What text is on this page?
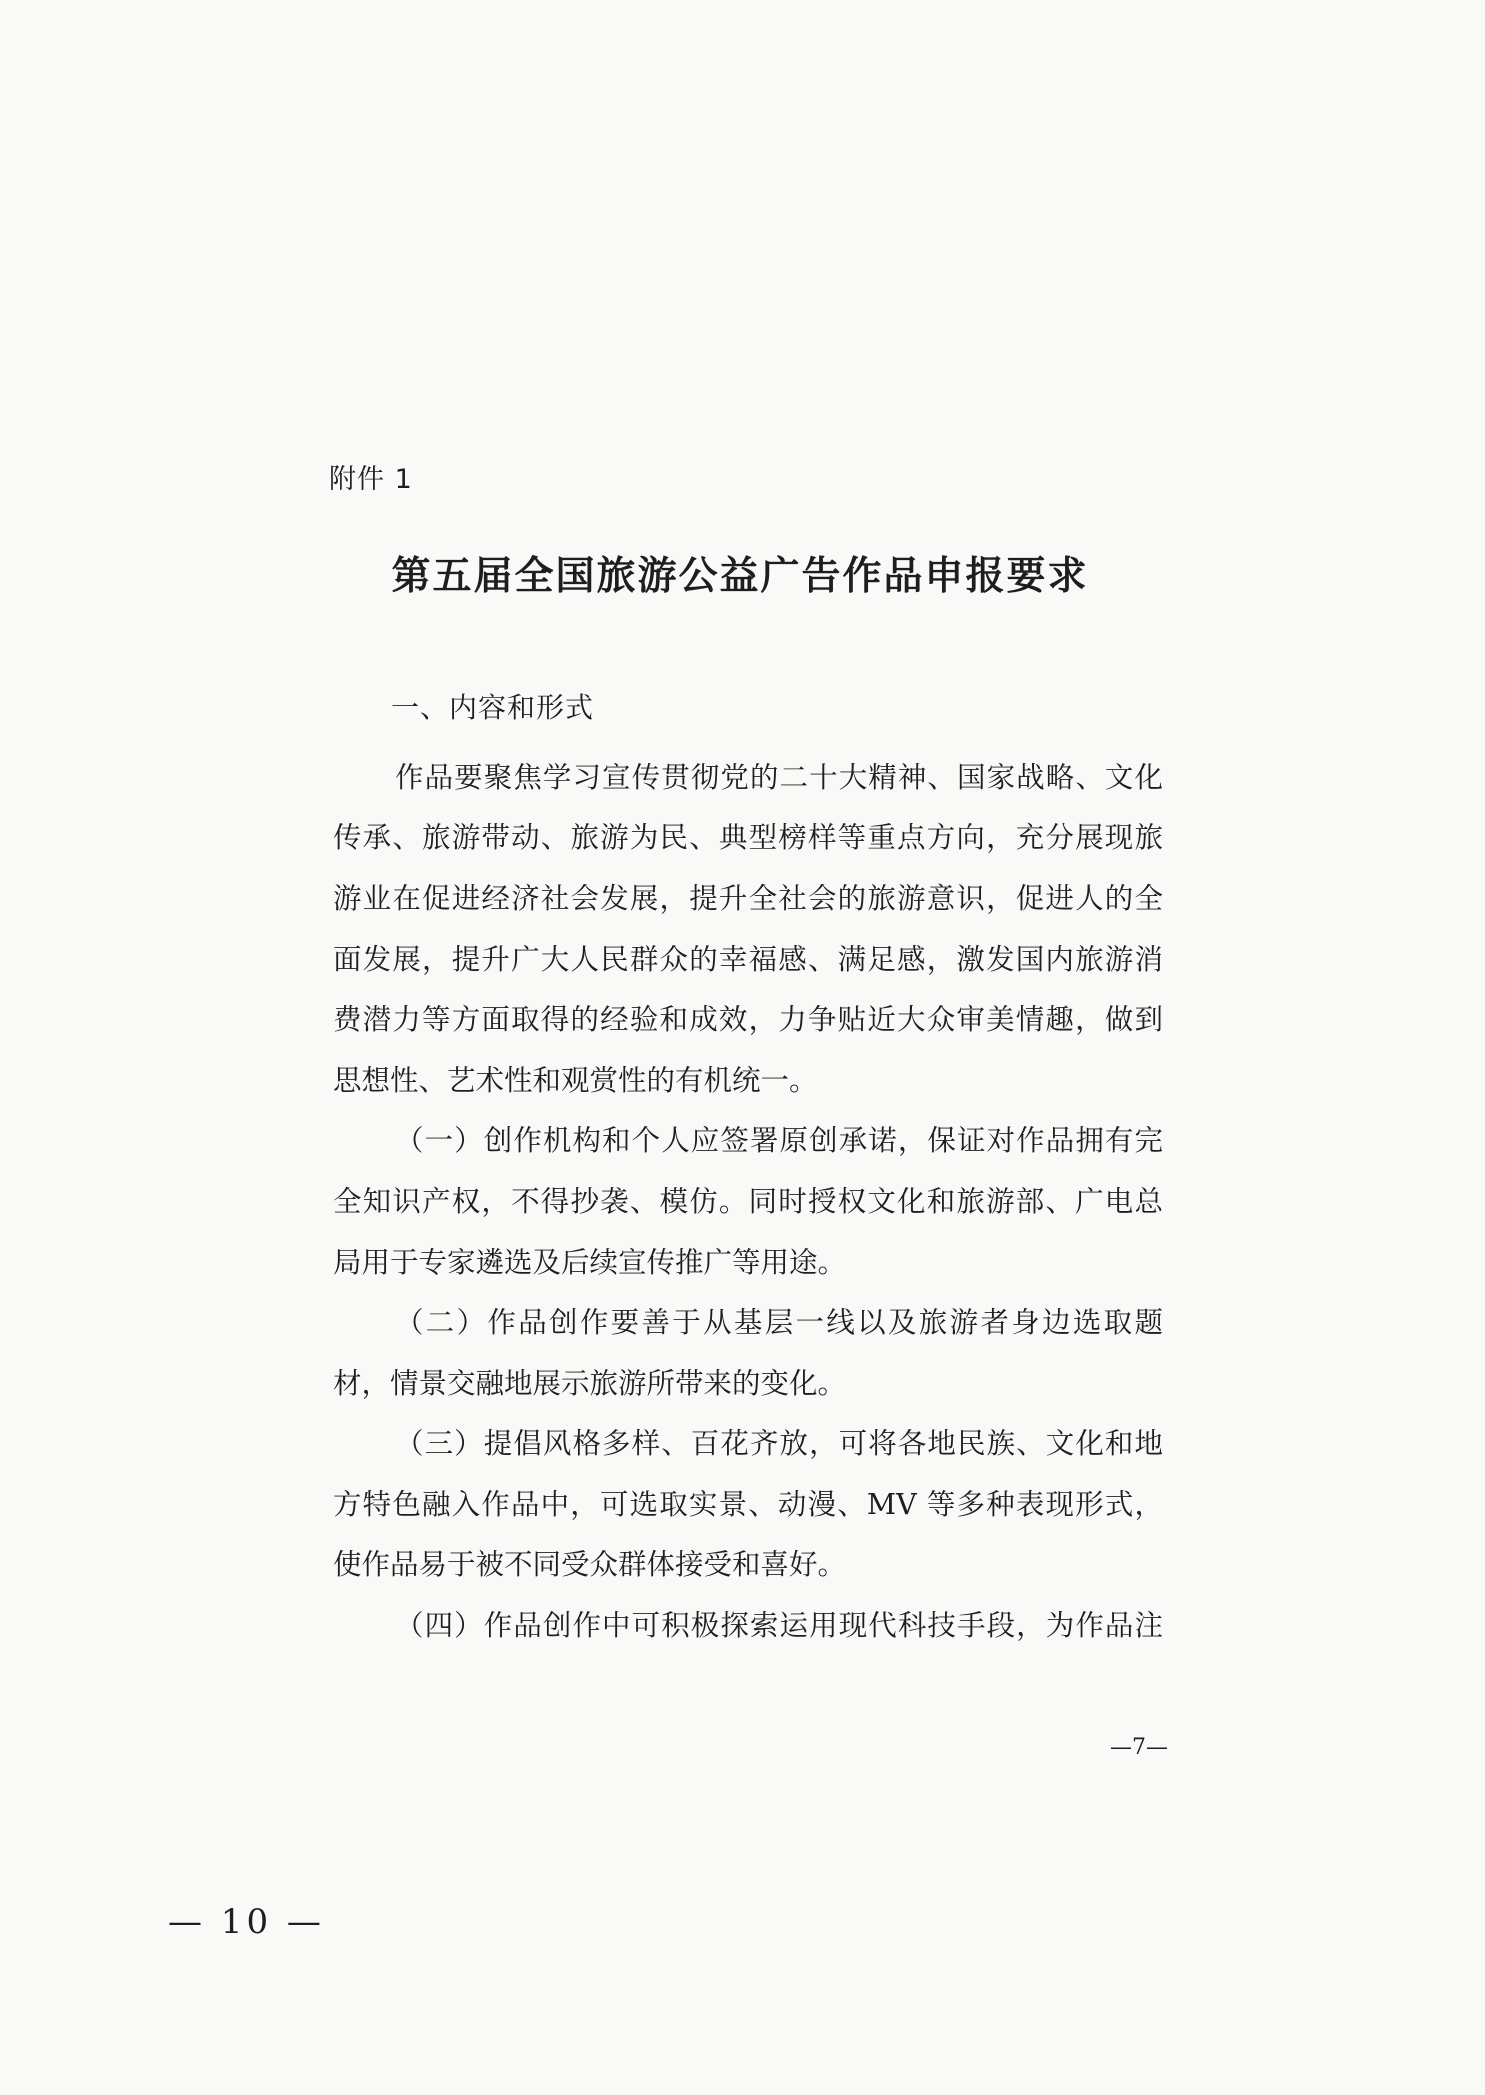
附件 1
第五届全国旅游公益广告作品申报要求
一、内容和形式
作品要聚焦学习宣传贯彻党的二十大精神、国家战略、文化
传承、旅游带动、旅游为民、典型榜样等重点方向，充分展现旅
游业在促进经济社会发展，提升全社会的旅游意识，促进人的全
面发展，提升广大人民群众的幸福感、满足感，激发国内旅游消
费潜力等方面取得的经验和成效，力争贴近大众审美情趣，做到
思想性、艺术性和观赏性的有机统一。
（一）创作机构和个人应签署原创承诺，保证对作品拥有完
全知识产权，不得抄袭、模仿。同时授权文化和旅游部、广电总
局用于专家遴选及后续宣传推广等用途。
（二）作品创作要善于从基层一线以及旅游者身边选取题
材，情景交融地展示旅游所带来的变化。
（三）提倡风格多样、百花齐放，可将各地民族、文化和地
方特色融入作品中，可选取实景、动漫、MV 等多种表现形式，
使作品易于被不同受众群体接受和喜好。
（四）作品创作中可积极探索运用现代科技手段，为作品注
—7—
— 10 —
